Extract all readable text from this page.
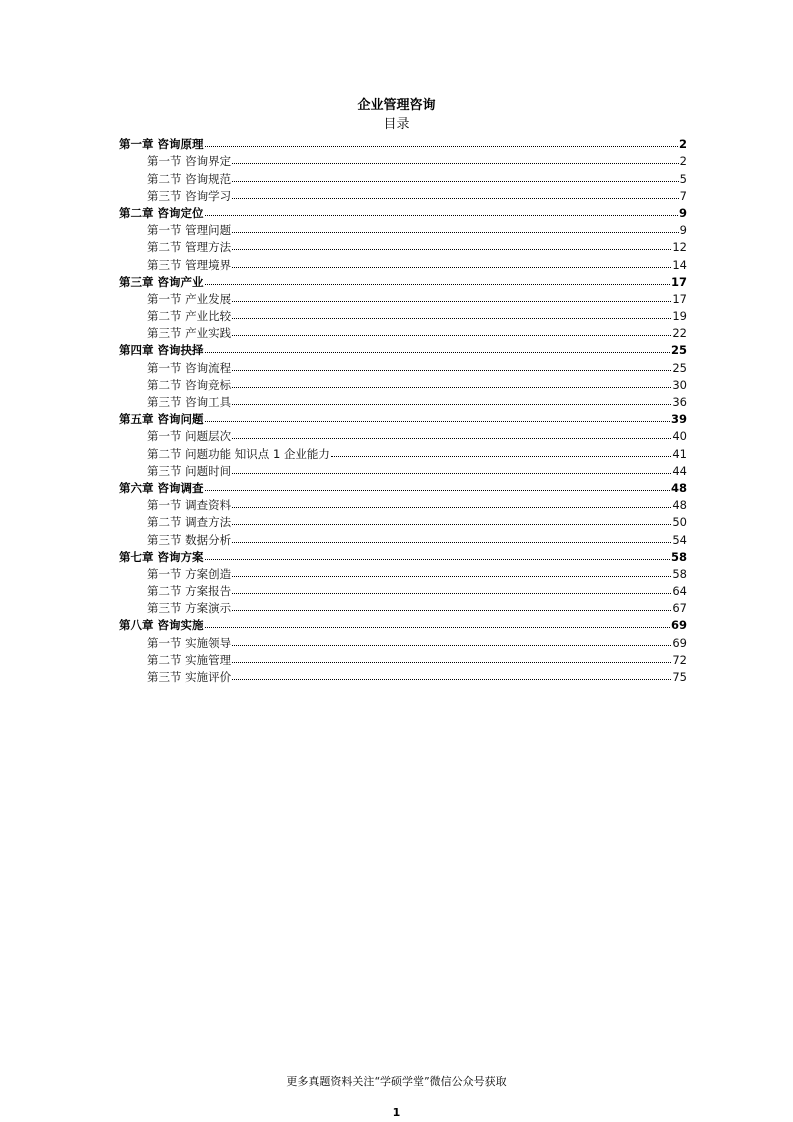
企业管理咨询
目录
第一章 咨询原理	2
第一节 咨询界定	2
第二节 咨询规范	5
第三节 咨询学习	7
第二章 咨询定位	9
第一节 管理问题	9
第二节 管理方法	12
第三节 管理境界	14
第三章 咨询产业	17
第一节 产业发展	17
第二节 产业比较	19
第三节 产业实践	22
第四章 咨询抉择	25
第一节 咨询流程	25
第二节 咨询竞标	30
第三节 咨询工具	36
第五章 咨询问题	39
第一节 问题层次	40
第二节 问题功能 知识点 1 企业能力	41
第三节 问题时间	44
第六章 咨询调查	48
第一节 调查资料	48
第二节 调查方法	50
第三节 数据分析	54
第七章 咨询方案	58
第一节 方案创造	58
第二节 方案报告	64
第三节 方案演示	67
第八章 咨询实施	69
第一节 实施领导	69
第二节 实施管理	72
第三节 实施评价	75
更多真题资料关注“学硕学堂”微信公众号获取
1
